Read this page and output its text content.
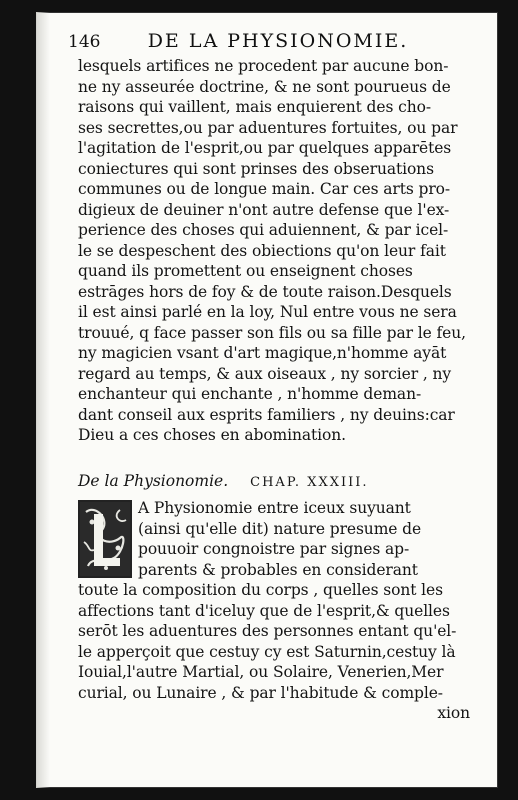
146	DE LA PHYSIONOMIE.
lesquels artifices ne procedent par aucune bon-
ne ny asseurée doctrine, & ne sont pourueus de
raisons qui vaillent, mais enquierent des cho-
ses secrettes,ou par aduentures fortuites, ou par
l'agitation de l'esprit,ou par quelques apparētes
coniectures qui sont prinses des obseruations
communes ou de longue main. Car ces arts pro-
digieux de deuiner n'ont autre defense que l'ex-
perience des choses qui aduiennent, & par icel-
le se despeschent des obiections qu'on leur fait
quand ils promettent ou enseignent choses
estrāges hors de foy & de toute raison.Desquels
il est ainsi parlé en la loy, Nul entre vous ne sera
trouué, q face passer son fils ou sa fille par le feu,
ny magicien vsant d'art magique,n'homme ayāt
regard au temps, & aux oiseaux , ny sorcier , ny
enchanteur qui enchante , n'homme deman-
dant conseil aux esprits familiers , ny deuins:car
Dieu a ces choses en abomination.
De la Physionomie. CHAP. XXXIII.
A Physionomie entre iceux suyuant
(ainsi qu'elle dit) nature presume de
pouuoir congnoistre par signes ap-
parents & probables en considerant
toute la composition du corps , quelles sont les
affections tant d'iceluy que de l'esprit,& quelles
serōt les aduentures des personnes entant qu'el-
le apperçoit que cestuy cy est Saturnin,cestuy là
Iouial,l'autre Martial, ou Solaire, Venerien,Mer
curial, ou Lunaire , & par l'habitude & comple-
xion
